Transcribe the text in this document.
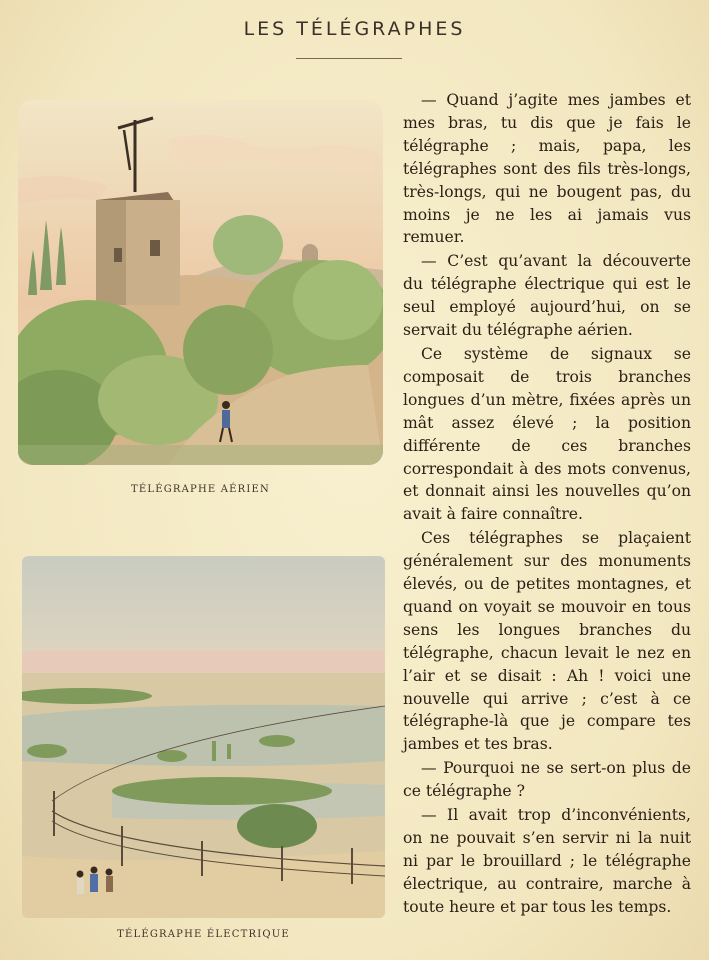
LES TÉLÉGRAPHES
TÉLÉGRAPHE AÉRIEN
TÉLÉGRAPHE ÉLECTRIQUE

— Quand j’agite mes jambes et mes bras, tu dis que je fais le télégraphe ; mais, papa, les télégraphes sont des fils très-longs, très-longs, qui ne bougent pas, du moins je ne les ai jamais vus remuer.

— C’est qu’avant la découverte du télégraphe électrique qui est le seul employé aujourd’hui, on se servait du télégraphe aérien.

Ce système de signaux se composait de trois branches longues d’un mètre, fixées après un mât assez élevé ; la position différente de ces branches correspondait à des mots convenus, et donnait ainsi les nouvelles qu’on avait à faire connaître.

Ces télégraphes se plaçaient généralement sur des monuments élevés, ou de petites montagnes, et quand on voyait se mouvoir en tous sens les longues branches du télégraphe, chacun levait le nez en l’air et se disait : Ah ! voici une nouvelle qui arrive ; c’est à ce télégraphe-là que je compare tes jambes et tes bras.

— Pourquoi ne se sert-on plus de ce télégraphe ?

— Il avait trop d’inconvénients, on ne pouvait s’en servir ni la nuit ni par le brouillard ; le télégraphe électrique, au contraire, marche à toute heure et par tous les temps.
